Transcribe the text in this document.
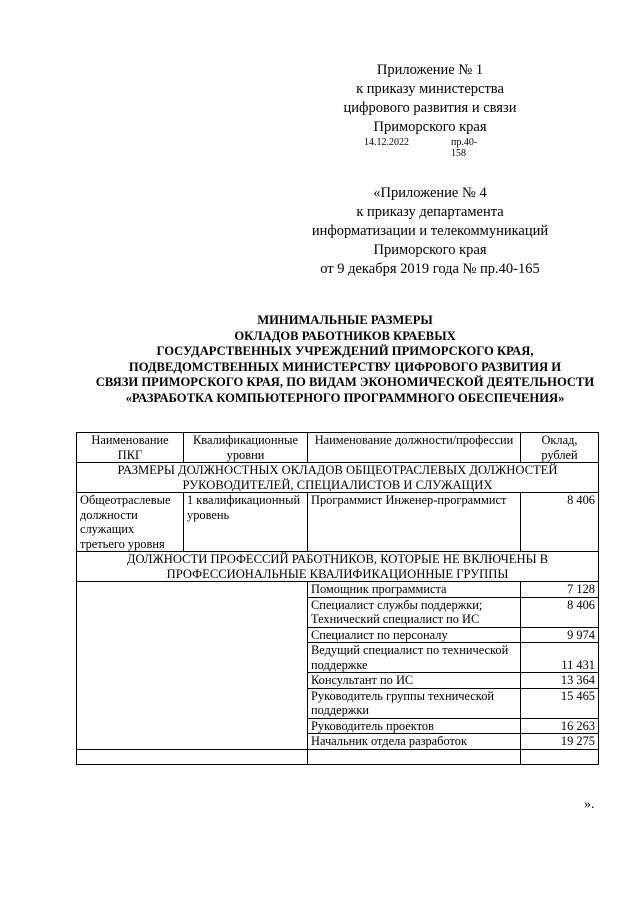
Приложение № 1
к приказу министерства
цифрового развития и связи
Приморского края
14.12.2022	пр.40-158
«Приложение № 4
к приказу департамента
информатизации и телекоммуникаций
Приморского края
от 9 декабря 2019 года № пр.40-165
МИНИМАЛЬНЫЕ РАЗМЕРЫ
ОКЛАДОВ РАБОТНИКОВ КРАЕВЫХ
ГОСУДАРСТВЕННЫХ УЧРЕЖДЕНИЙ ПРИМОРСКОГО КРАЯ,
ПОДВЕДОМСТВЕННЫХ МИНИСТЕРСТВУ ЦИФРОВОГО РАЗВИТИЯ И
СВЯЗИ ПРИМОРСКОГО КРАЯ, ПО ВИДАМ ЭКОНОМИЧЕСКОЙ ДЕЯТЕЛЬНОСТИ
«РАЗРАБОТКА КОМПЬЮТЕРНОГО ПРОГРАММНОГО ОБЕСПЕЧЕНИЯ»
Наименование ПКГ	Квалификационные уровни	Наименование должности/профессии	Оклад, рублей
РАЗМЕРЫ ДОЛЖНОСТНЫХ ОКЛАДОВ ОБЩЕОТРАСЛЕВЫХ ДОЛЖНОСТЕЙ РУКОВОДИТЕЛЕЙ, СПЕЦИАЛИСТОВ И СЛУЖАЩИХ			
Общеотраслевые должности служащих третьего уровня	1 квалификационный уровень	Программист Инженер-программист	8 406
ДОЛЖНОСТИ ПРОФЕССИЙ РАБОТНИКОВ, КОТОРЫЕ НЕ ВКЛЮЧЕНЫ В ПРОФЕССИОНАЛЬНЫЕ КВАЛИФИКАЦИОННЫЕ ГРУППЫ			
		Помощник программиста	7 128
		Специалист службы поддержки; Технический специалист по ИС	8 406
		Специалист по персоналу	9 974
		Ведущий специалист по технической поддержке	11 431
		Консультант по ИС	13 364
		Руководитель группы технической поддержки	15 465
		Руководитель проектов	16 263
		Начальник отдела разработок	19 275

».
